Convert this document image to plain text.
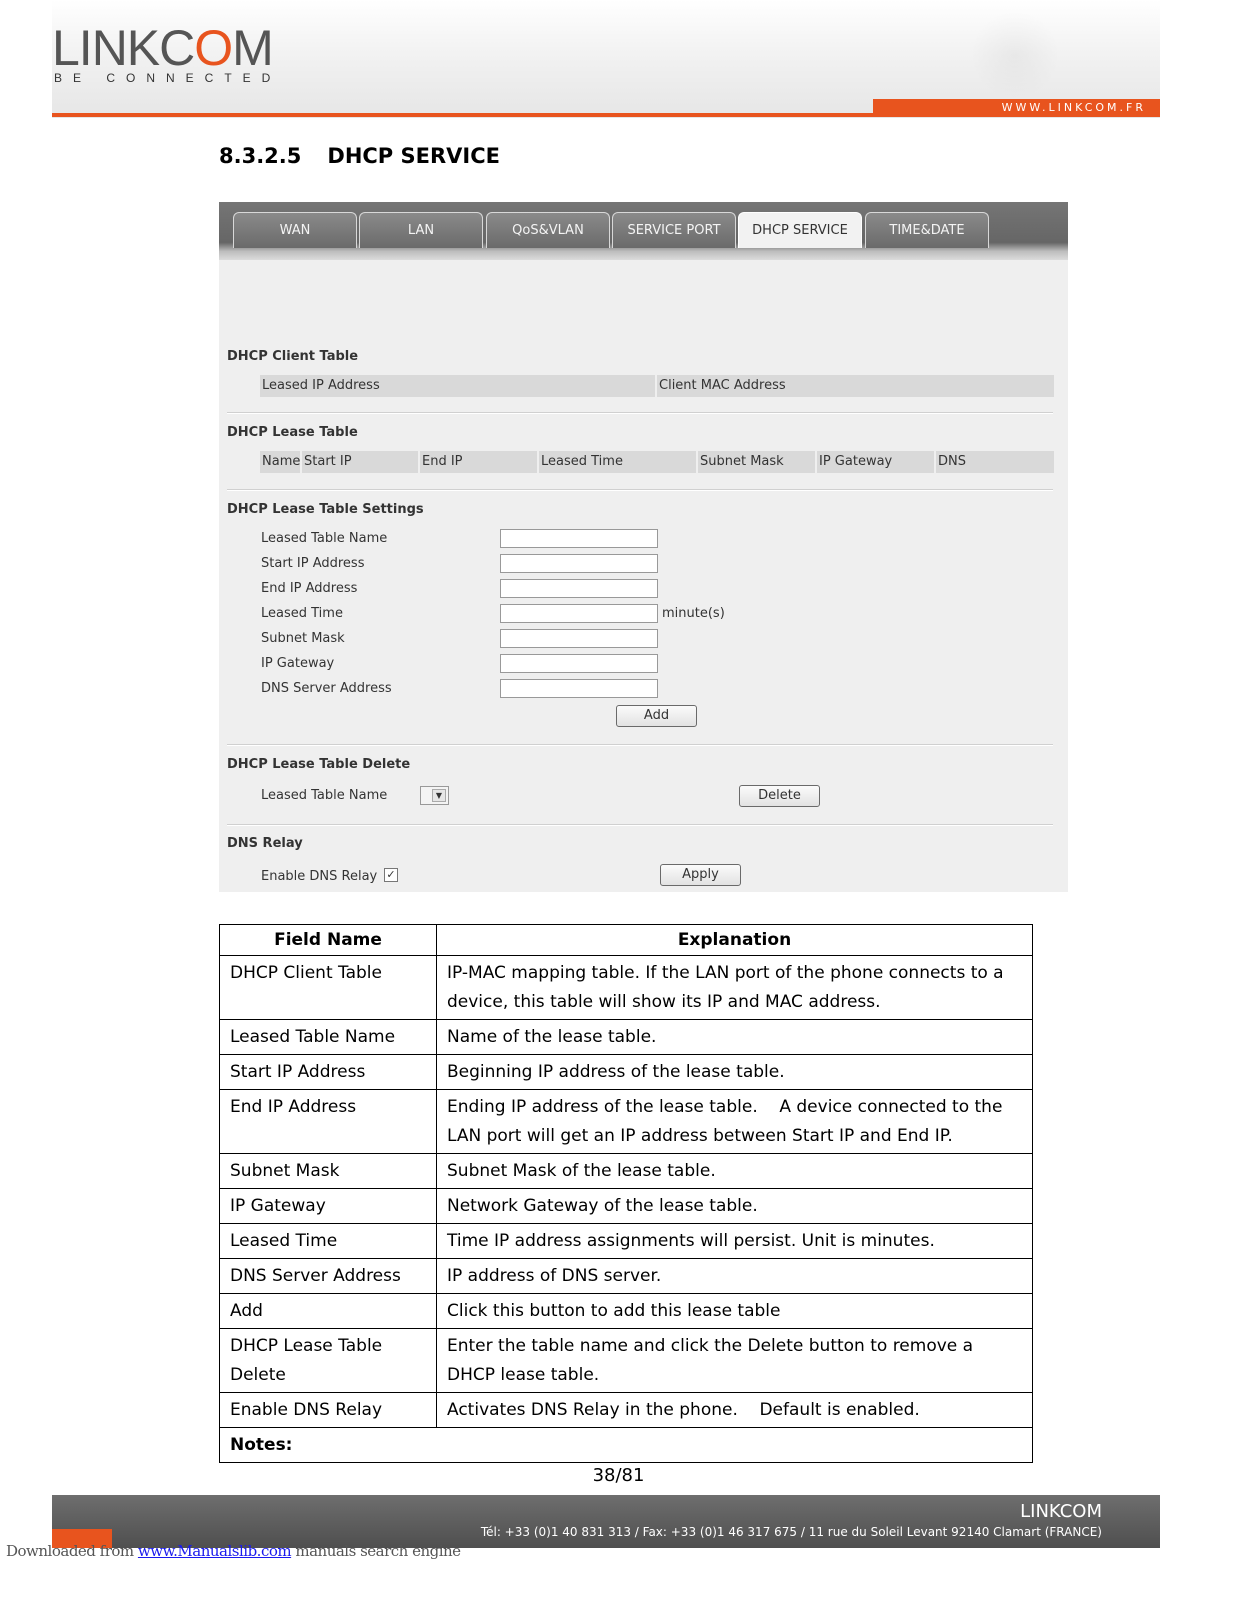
WWW.LINKCOM.FR
LINKCOM
BE CONNECTED
8.3.2.5 DHCP SERVICE
WAN	LAN	QoS&VLAN	SERVICE PORT	DHCP SERVICE	TIME&DATE
DHCP Client Table
Leased IP Address	Client MAC Address
DHCP Lease Table
Name Start IP	End IP	Leased Time	Subnet Mask	IP Gateway	DNS
DHCP Lease Table Settings
Leased Table Name
Start IP Address
End IP Address
Leased Time	minute(s)
Subnet Mask
IP Gateway
DNS Server Address
Add
DHCP Lease Table Delete
Leased Table Name	▼	Delete
DNS Relay
Enable DNS Relay ✓	Apply
Field Name	Explanation
DHCP Client Table	IP-MAC mapping table. If the LAN port of the phone connects to a device, this table will show its IP and MAC address.
Leased Table Name	Name of the lease table.
Start IP Address	Beginning IP address of the lease table.
End IP Address	Ending IP address of the lease table.    A device connected to the LAN port will get an IP address between Start IP and End IP.
Subnet Mask	Subnet Mask of the lease table.
IP Gateway	Network Gateway of the lease table.
Leased Time	Time IP address assignments will persist. Unit is minutes.
DNS Server Address	IP address of DNS server.
Add	Click this button to add this lease table
DHCP Lease Table Delete	Enter the table name and click the Delete button to remove a DHCP lease table.
Enable DNS Relay	Activates DNS Relay in the phone.    Default is enabled.
Notes:	
38/81
LINKCOM
Tél: +33 (0)1 40 831 313 / Fax: +33 (0)1 46 317 675 / 11 rue du Soleil Levant 92140 Clamart (FRANCE)
Downloaded from www.Manualslib.com manuals search engine
